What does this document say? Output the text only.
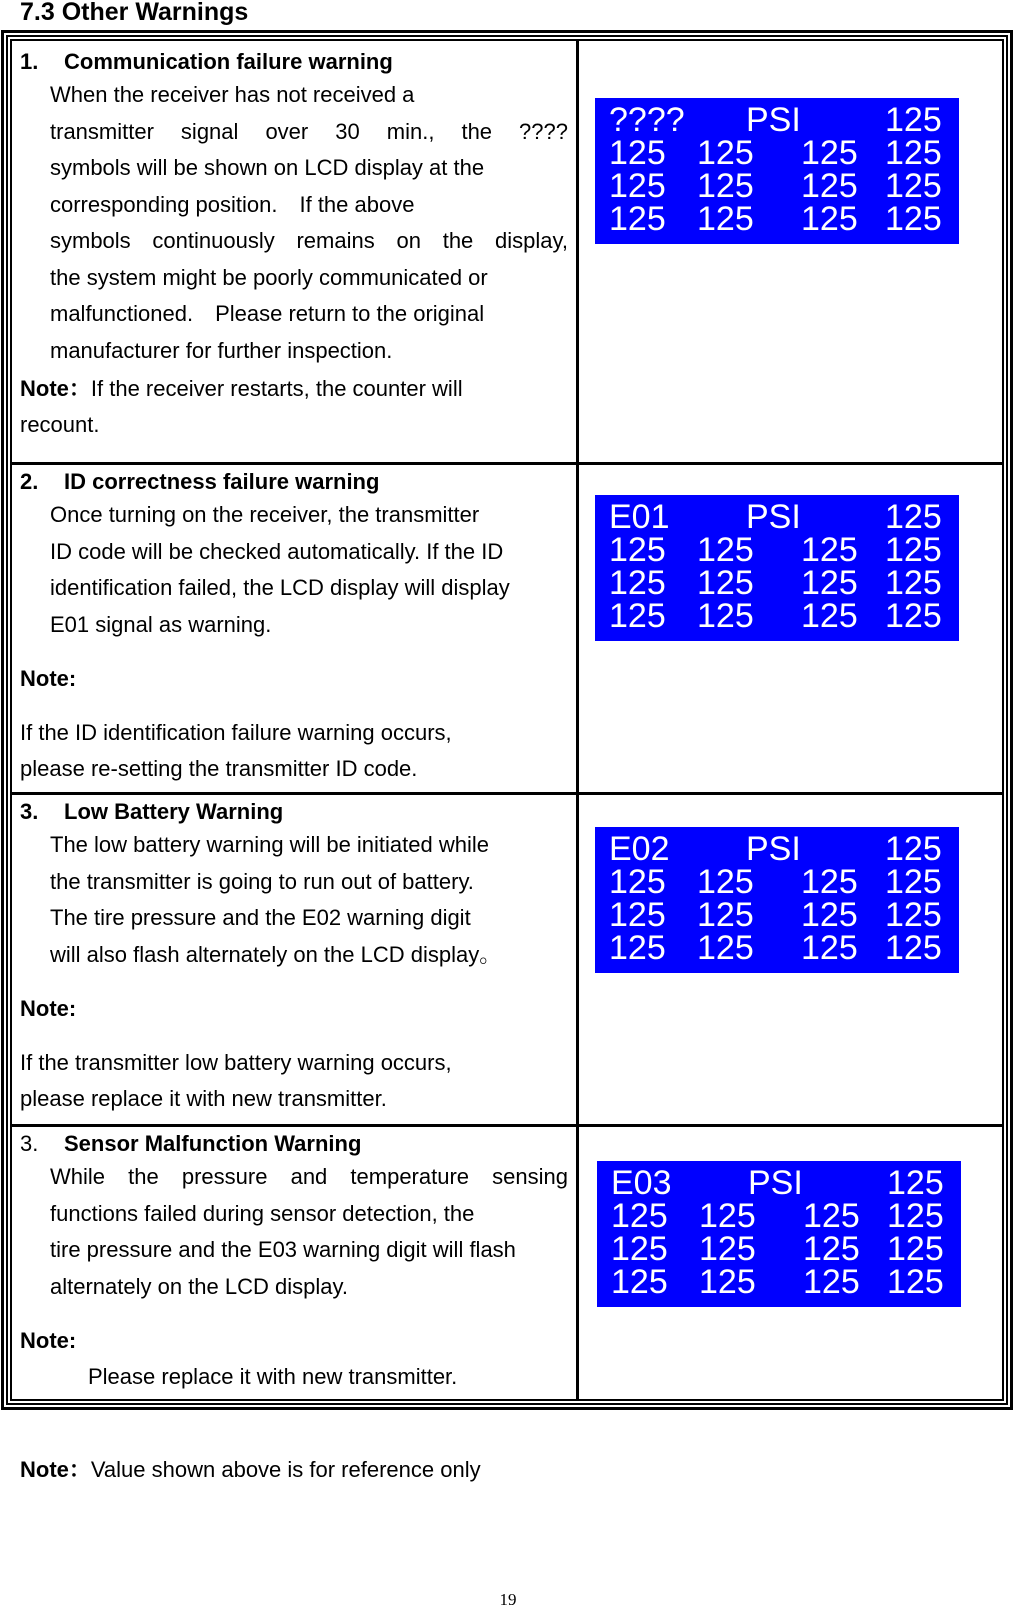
7.3 Other Warnings

1. Communication failure warning

When the receiver has not received a
transmitter signal over 30 min., the ????
symbols will be shown on LCD display at the
corresponding position.　If the above
symbols continuously remains on the display,
the system might be poorly communicated or
malfunctioned.　Please return to the original
manufacturer for further inspection.

Note：If the receiver restarts, the counter will

recount.

???? PSI 125
125 125 125 125
125 125 125 125
125 125 125 125

2. ID correctness failure warning

Once turning on the receiver, the transmitter
ID code will be checked automatically. If the ID
identification failed, the LCD display will display
E01 signal as warning.

Note:

If the ID identification failure warning occurs,

please re-setting the transmitter ID code.

E01 PSI 125
125 125 125 125
125 125 125 125
125 125 125 125

3. Low Battery Warning

The low battery warning will be initiated while
the transmitter is going to run out of battery.
The tire pressure and the E02 warning digit
will also flash alternately on the LCD display。

Note:

If the transmitter low battery warning occurs,

please replace it with new transmitter.

E02 PSI 125
125 125 125 125
125 125 125 125
125 125 125 125

3. Sensor Malfunction Warning

While the pressure and temperature sensing
functions failed during sensor detection, the
tire pressure and the E03 warning digit will flash
alternately on the LCD display.

Note:

Please replace it with new transmitter.

E03 PSI 125
125 125 125 125
125 125 125 125
125 125 125 125
Note：Value shown above is for reference only
19
